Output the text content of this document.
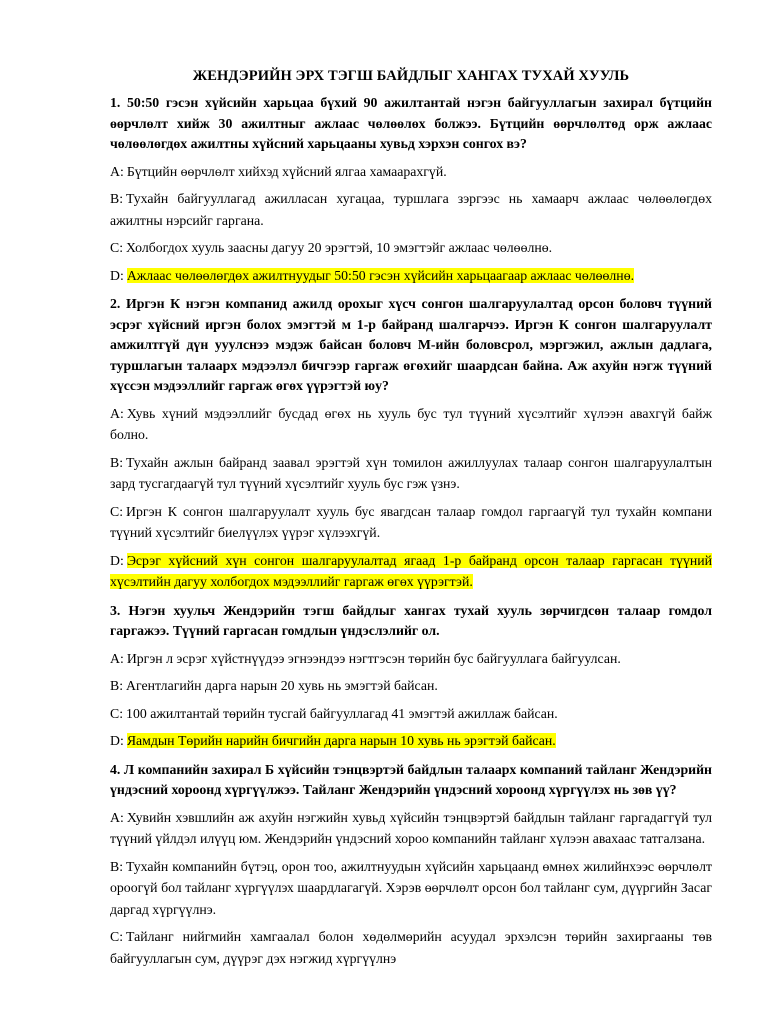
ЖЕНДЭРИЙН ЭРХ ТЭГШ БАЙДЛЫГ ХАНГАХ ТУХАЙ ХУУЛЬ

1. 50:50 гэсэн хүйсийн харьцаа бүхий 90 ажилтантай нэгэн байгууллагын захирал бүтцийн өөрчлөлт хийж 30 ажилтныг ажлаас чөлөөлөх болжээ. Бүтцийн өөрчлөлтөд орж ажлаас чөлөөлөгдөх ажилтны хүйсний харьцааны хувьд хэрхэн сонгох вэ?

A: Бүтцийн өөрчлөлт хийхэд хүйсний ялгаа хамаарахгүй.

B: Тухайн байгууллагад ажилласан хугацаа, туршлага зэргээс нь хамаарч ажлаас чөлөөлөгдөх ажилтны нэрсийг гаргана.

C: Холбогдох хууль заасны дагуу 20 эрэгтэй, 10 эмэгтэйг ажлаас чөлөөлнө.

D: Ажлаас чөлөөлөгдөх ажилтнуудыг 50:50 гэсэн хүйсийн харьцаагаар ажлаас чөлөөлнө.

2. Иргэн К нэгэн компанид ажилд орохыг хүсч сонгон шалгаруулалтад орсон боловч түүний эсрэг хүйсний иргэн болох эмэгтэй м 1-р байранд шалгарчээ. Иргэн К сонгон шалгаруулалт амжилтгүй дүн ууулснээ мэдэж байсан боловч М-ийн боловсрол, мэргэжил, ажлын дадлага, туршлагын талаарх мэдээлэл бичгээр гаргаж өгөхийг шаардсан байна. Аж ахуйн нэгж түүний хүссэн мэдээллийг гаргаж өгөх үүрэгтэй юу?

A: Хувь хүний мэдээллийг бусдад өгөх нь хууль бус тул түүний хүсэлтийг хүлээн авахгүй байж болно.

B: Тухайн ажлын байранд заавал эрэгтэй хүн томилон ажиллуулах талаар сонгон шалгаруулалтын зард тусгагдаагүй тул түүний хүсэлтийг хууль бус гэж үзнэ.

C: Иргэн К сонгон шалгаруулалт хууль бус явагдсан талаар гомдол гаргаагүй тул тухайн компани түүний хүсэлтийг биелүүлэх үүрэг хүлээхгүй.

D: Эсрэг хүйсний хүн сонгон шалгаруулалтад ягаад 1-р байранд орсон талаар гаргасан түүний хүсэлтийн дагуу холбогдох мэдээллийг гаргаж өгөх үүрэгтэй.

3. Нэгэн хуульч Жендэрийн тэгш байдлыг хангах тухай хууль зөрчигдсөн талаар гомдол гаргажээ. Түүний гаргасан гомдлын үндэслэлийг ол.

A: Иргэн л эсрэг хүйстнүүдээ эгнээндээ нэгтгэсэн төрийн бус байгууллага байгуулсан.

B: Агентлагийн дарга нарын 20 хувь нь эмэгтэй байсан.

C: 100 ажилтантай төрийн тусгай байгууллагад 41 эмэгтэй ажиллаж байсан.

D: Яамдын Төрийн нарийн бичгийн дарга нарын 10 хувь нь эрэгтэй байсан.

4. Л компанийн захирал Б хүйсийн тэнцвэртэй байдлын талаарх компаний тайланг Жендэрийн үндэсний хороонд хүргүүлжээ. Тайланг Жендэрийн үндэсний хороонд хүргүүлэх нь зөв үү?

A: Хувийн хэвшлийн аж ахуйн нэгжийн хувьд хүйсийн тэнцвэртэй байдлын тайланг гаргадаггүй тул түүний үйлдэл илүүц юм. Жендэрийн үндэсний хороо компанийн тайланг хүлээн авахаас татгалзана.

B: Тухайн компанийн бүтэц, орон тоо, ажилтнуудын хүйсийн харьцаанд өмнөх жилийнхээс өөрчлөлт ороогүй бол тайланг хүргүүлэх шаардлагагүй. Хэрэв өөрчлөлт орсон бол тайланг сум, дүүргийн Засаг даргад хүргүүлнэ.

C: Тайланг нийгмийн хамгаалал болон хөдөлмөрийн асуудал эрхэлсэн төрийн захиргааны төв байгууллагын сум, дүүрэг дэх нэгжид хүргүүлнэ
